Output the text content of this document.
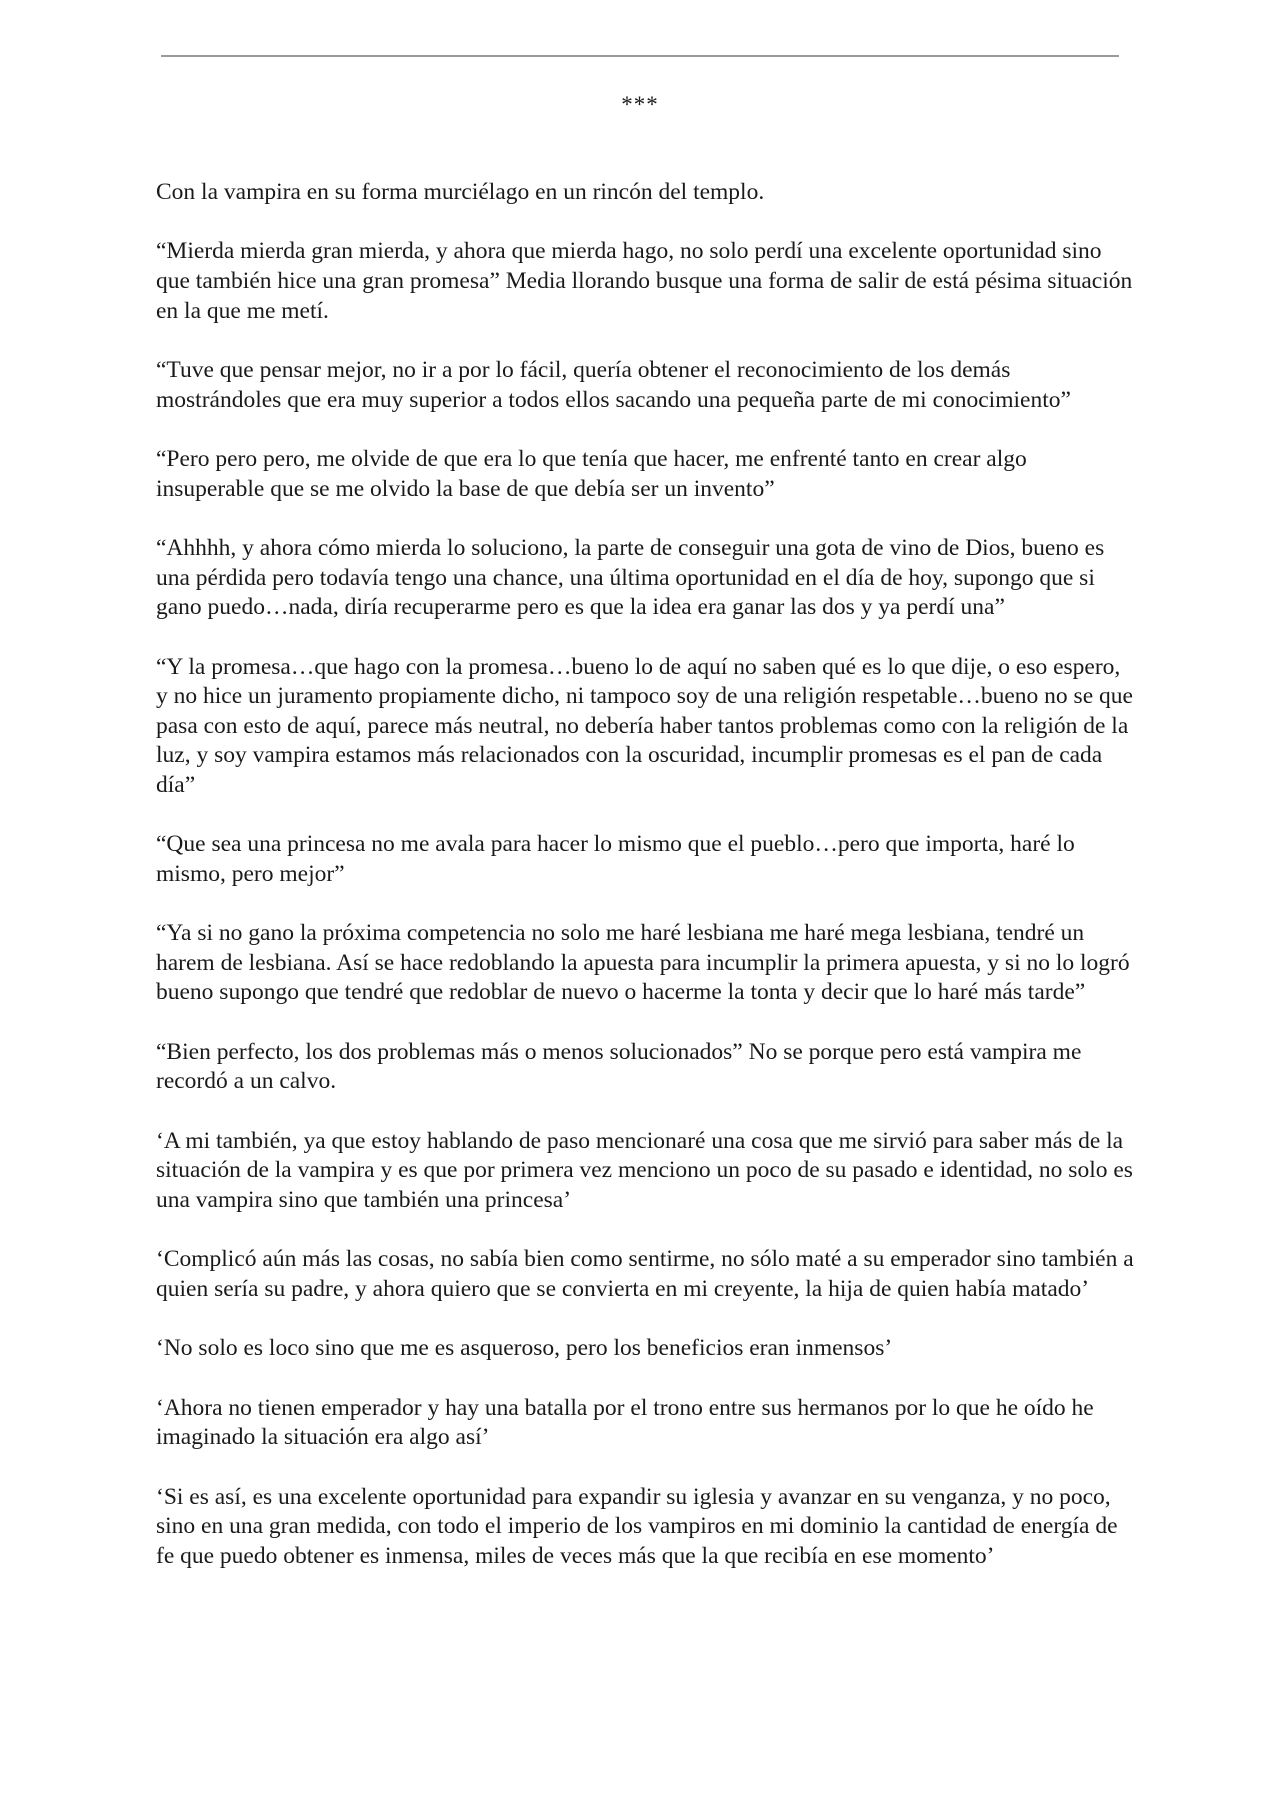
***

Con la vampira en su forma murciélago en un rincón del templo.

“Mierda mierda gran mierda, y ahora que mierda hago, no solo perdí una excelente oportunidad sino que también hice una gran promesa” Media llorando busque una forma de salir de está pésima situación en la que me metí.

“Tuve que pensar mejor, no ir a por lo fácil, quería obtener el reconocimiento de los demás mostrándoles que era muy superior a todos ellos sacando una pequeña parte de mi conocimiento”

“Pero pero pero, me olvide de que era lo que tenía que hacer, me enfrenté tanto en crear algo insuperable que se me olvido la base de que debía ser un invento”

“Ahhhh, y ahora cómo mierda lo soluciono, la parte de conseguir una gota de vino de Dios, bueno es una pérdida pero todavía tengo una chance, una última oportunidad en el día de hoy, supongo que si gano puedo…nada, diría recuperarme pero es que la idea era ganar las dos y ya perdí una”

“Y la promesa…que hago con la promesa…bueno lo de aquí no saben qué es lo que dije, o eso espero, y no hice un juramento propiamente dicho, ni tampoco soy de una religión respetable…bueno no se que pasa con esto de aquí, parece más neutral, no debería haber tantos problemas como con la religión de la luz, y soy vampira estamos más relacionados con la oscuridad, incumplir promesas es el pan de cada día”

“Que sea una princesa no me avala para hacer lo mismo que el pueblo…pero que importa, haré lo mismo, pero mejor”

“Ya si no gano la próxima competencia no solo me haré lesbiana me haré mega lesbiana, tendré un harem de lesbiana. Así se hace redoblando la apuesta para incumplir la primera apuesta, y si no lo logró bueno supongo que tendré que redoblar de nuevo o hacerme la tonta y decir que lo haré más tarde”

“Bien perfecto, los dos problemas más o menos solucionados” No se porque pero está vampira me recordó a un calvo.

‘A mi también, ya que estoy hablando de paso mencionaré una cosa que me sirvió para saber más de la situación de la vampira y es que por primera vez menciono un poco de su pasado e identidad, no solo es una vampira sino que también una princesa’

‘Complicó aún más las cosas, no sabía bien como sentirme, no sólo maté a su emperador sino también a quien sería su padre, y ahora quiero que se convierta en mi creyente, la hija de quien había matado’

‘No solo es loco sino que me es asqueroso, pero los beneficios eran inmensos’

‘Ahora no tienen emperador y hay una batalla por el trono entre sus hermanos por lo que he oído he imaginado la situación era algo así’

‘Si es así, es una excelente oportunidad para expandir su iglesia y avanzar en su venganza, y no poco, sino en una gran medida, con todo el imperio de los vampiros en mi dominio la cantidad de energía de fe que puedo obtener es inmensa, miles de veces más que la que recibía en ese momento’
